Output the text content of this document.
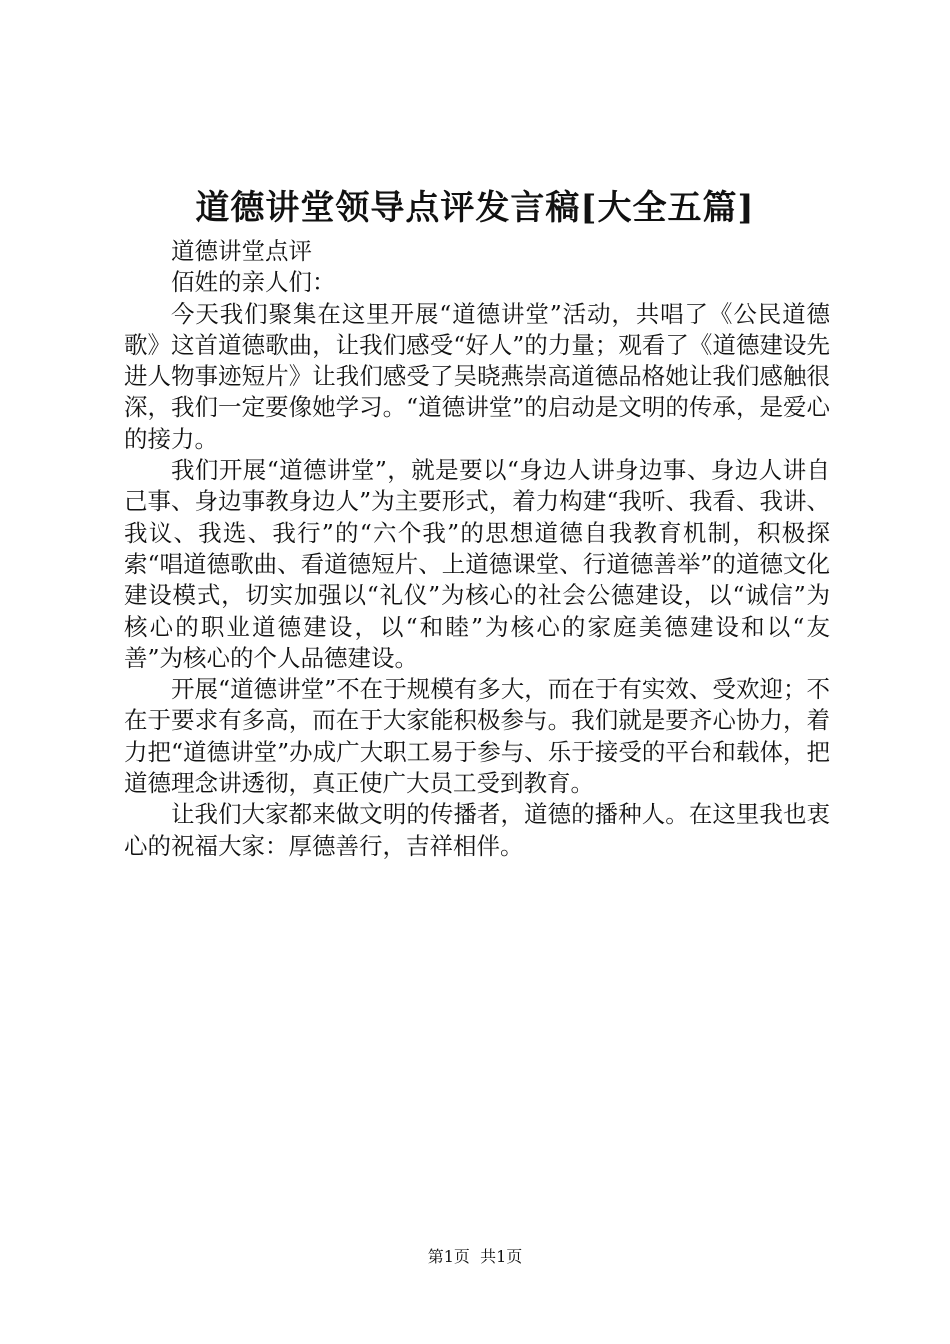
道德讲堂领导点评发言稿[大全五篇]

道德讲堂点评

佰姓的亲人们：

今天我们聚集在这里开展“道德讲堂”活动，共唱了《公民道德歌》这首道德歌曲，让我们感受“好人”的力量；观看了《道德建设先进人物事迹短片》让我们感受了吴晓燕崇高道德品格她让我们感触很深，我们一定要像她学习。“道德讲堂”的启动是文明的传承，是爱心的接力。

我们开展“道德讲堂”，就是要以“身边人讲身边事、身边人讲自己事、身边事教身边人”为主要形式，着力构建“我听、我看、我讲、我议、我选、我行”的“六个我”的思想道德自我教育机制，积极探索“唱道德歌曲、看道德短片、上道德课堂、行道德善举”的道德文化建设模式，切实加强以“礼仪”为核心的社会公德建设，以“诚信”为核心的职业道德建设，以“和睦”为核心的家庭美德建设和以“友善”为核心的个人品德建设。

开展“道德讲堂”不在于规模有多大，而在于有实效、受欢迎；不在于要求有多高，而在于大家能积极参与。我们就是要齐心协力，着力把“道德讲堂”办成广大职工易于参与、乐于接受的平台和载体，把道德理念讲透彻，真正使广大员工受到教育。

让我们大家都来做文明的传播者，道德的播种人。在这里我也衷心的祝福大家：厚德善行，吉祥相伴。

第1页 共1页
